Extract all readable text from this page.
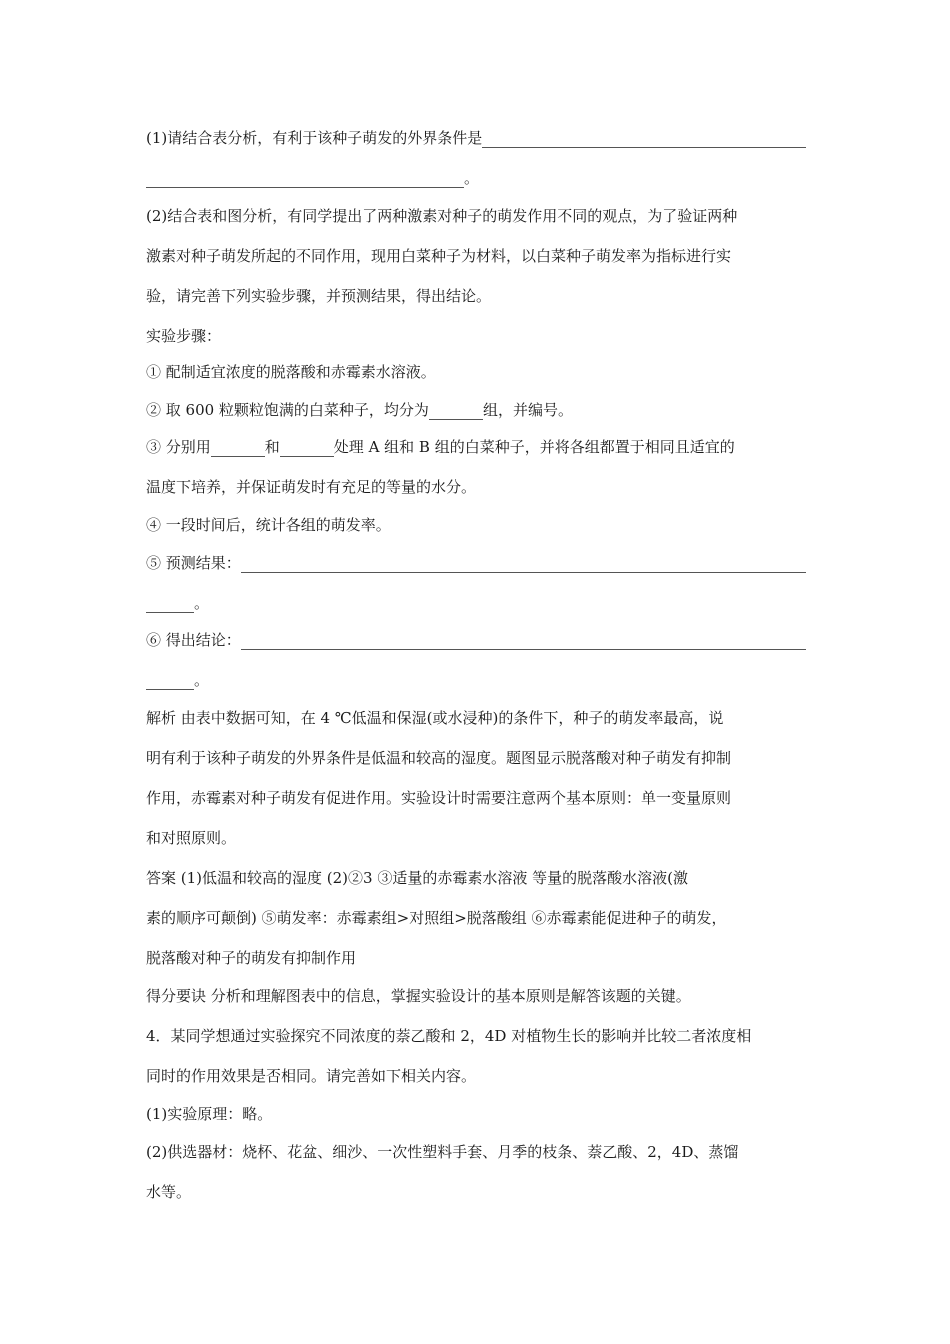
(1)请结合表分析，有利于该种子萌发的外界条件是
。
(2)结合表和图分析，有同学提出了两种激素对种子的萌发作用不同的观点，为了验证两种
激素对种子萌发所起的不同作用，现用白菜种子为材料，以白菜种子萌发率为指标进行实
验，请完善下列实验步骤，并预测结果，得出结论。
实验步骤：
① 配制适宜浓度的脱落酸和赤霉素水溶液。
② 取 600 粒颗粒饱满的白菜种子，均分为	组，并编号。
③ 分别用	和	处理 A 组和 B 组的白菜种子，并将各组都置于相同且适宜的
温度下培养，并保证萌发时有充足的等量的水分。
④ 一段时间后，统计各组的萌发率。
⑤ 预测结果：
。
⑥ 得出结论：
。
解析 由表中数据可知，在 4 ℃低温和保湿(或水浸种)的条件下，种子的萌发率最高，说
明有利于该种子萌发的外界条件是低温和较高的湿度。题图显示脱落酸对种子萌发有抑制
作用，赤霉素对种子萌发有促进作用。实验设计时需要注意两个基本原则：单一变量原则
和对照原则。
答案 (1)低温和较高的湿度 (2)②3 ③适量的赤霉素水溶液 等量的脱落酸水溶液(激
素的顺序可颠倒) ⑤萌发率：赤霉素组>对照组>脱落酸组 ⑥赤霉素能促进种子的萌发，
脱落酸对种子的萌发有抑制作用
得分要诀 分析和理解图表中的信息，掌握实验设计的基本原则是解答该题的关键。
4．某同学想通过实验探究不同浓度的萘乙酸和 2，4D 对植物生长的影响并比较二者浓度相
同时的作用效果是否相同。请完善如下相关内容。
(1)实验原理：略。
(2)供选器材：烧杯、花盆、细沙、一次性塑料手套、月季的枝条、萘乙酸、2，4D、蒸馏
水等。
